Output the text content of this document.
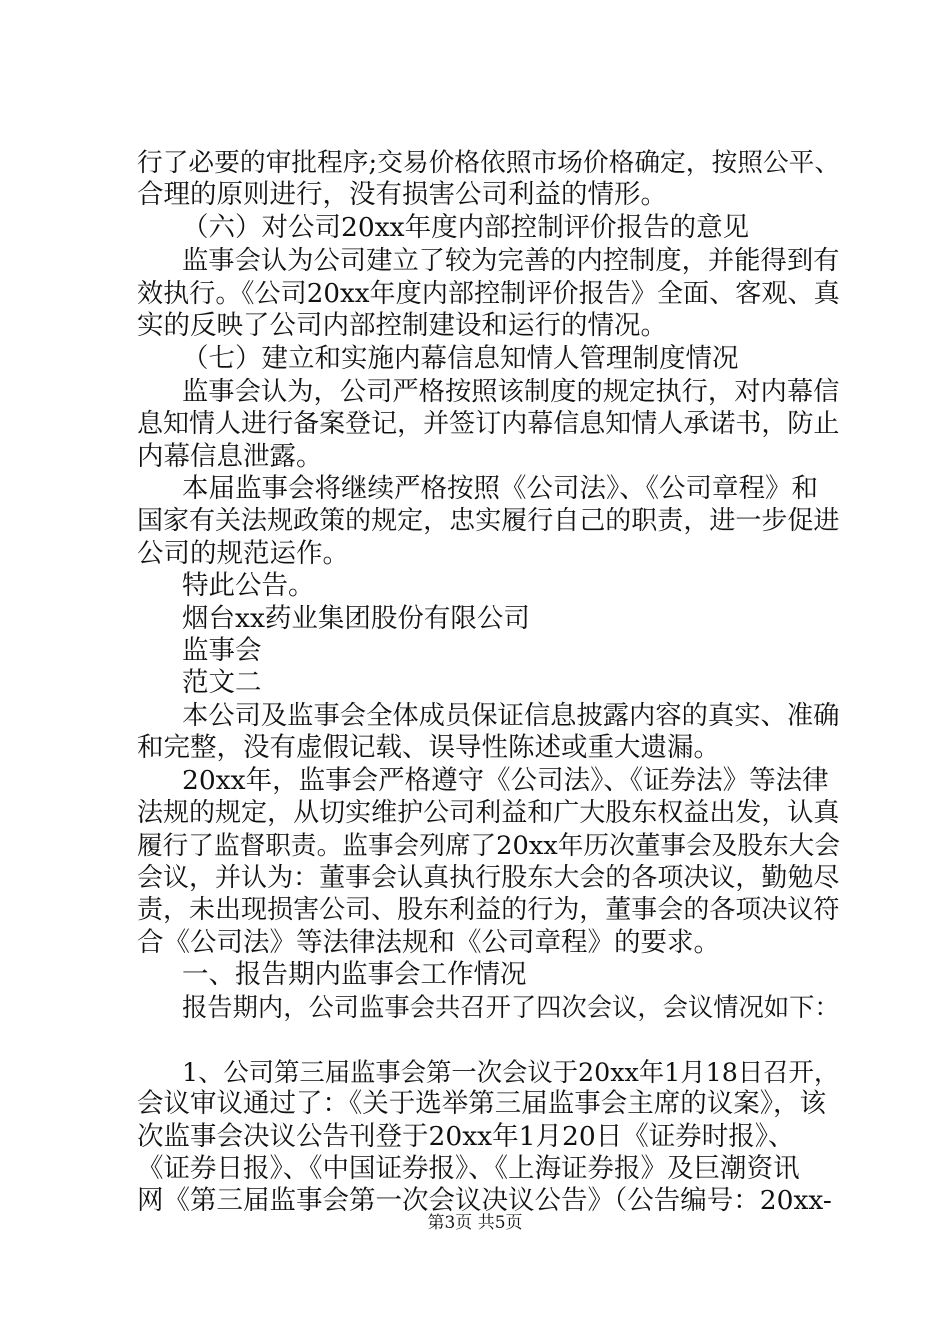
行了必要的审批程序;交易价格依照市场价格确定，按照公平、
合理的原则进行，没有损害公司利益的情形。
（六）对公司20xx年度内部控制评价报告的意见
监事会认为公司建立了较为完善的内控制度，并能得到有
效执行。《公司20xx年度内部控制评价报告》全面、客观、真
实的反映了公司内部控制建设和运行的情况。
（七）建立和实施内幕信息知情人管理制度情况
监事会认为，公司严格按照该制度的规定执行，对内幕信
息知情人进行备案登记，并签订内幕信息知情人承诺书，防止
内幕信息泄露。
本届监事会将继续严格按照《公司法》、《公司章程》和
国家有关法规政策的规定，忠实履行自己的职责，进一步促进
公司的规范运作。
特此公告。
烟台xx药业集团股份有限公司
监事会
范文二
本公司及监事会全体成员保证信息披露内容的真实、准确
和完整，没有虚假记载、误导性陈述或重大遗漏。
20xx年，监事会严格遵守《公司法》、《证券法》等法律
法规的规定，从切实维护公司利益和广大股东权益出发，认真
履行了监督职责。监事会列席了20xx年历次董事会及股东大会
会议，并认为：董事会认真执行股东大会的各项决议，勤勉尽
责，未出现损害公司、股东利益的行为，董事会的各项决议符
合《公司法》等法律法规和《公司章程》的要求。
一、报告期内监事会工作情况
报告期内，公司监事会共召开了四次会议，会议情况如下：
1、公司第三届监事会第一次会议于20xx年1月18日召开，
会议审议通过了：《关于选举第三届监事会主席的议案》，该
次监事会决议公告刊登于20xx年1月20日《证券时报》、
《证券日报》、《中国证券报》、《上海证券报》及巨潮资讯
网《第三届监事会第一次会议决议公告》（公告编号：20xx-
第3页 共5页
